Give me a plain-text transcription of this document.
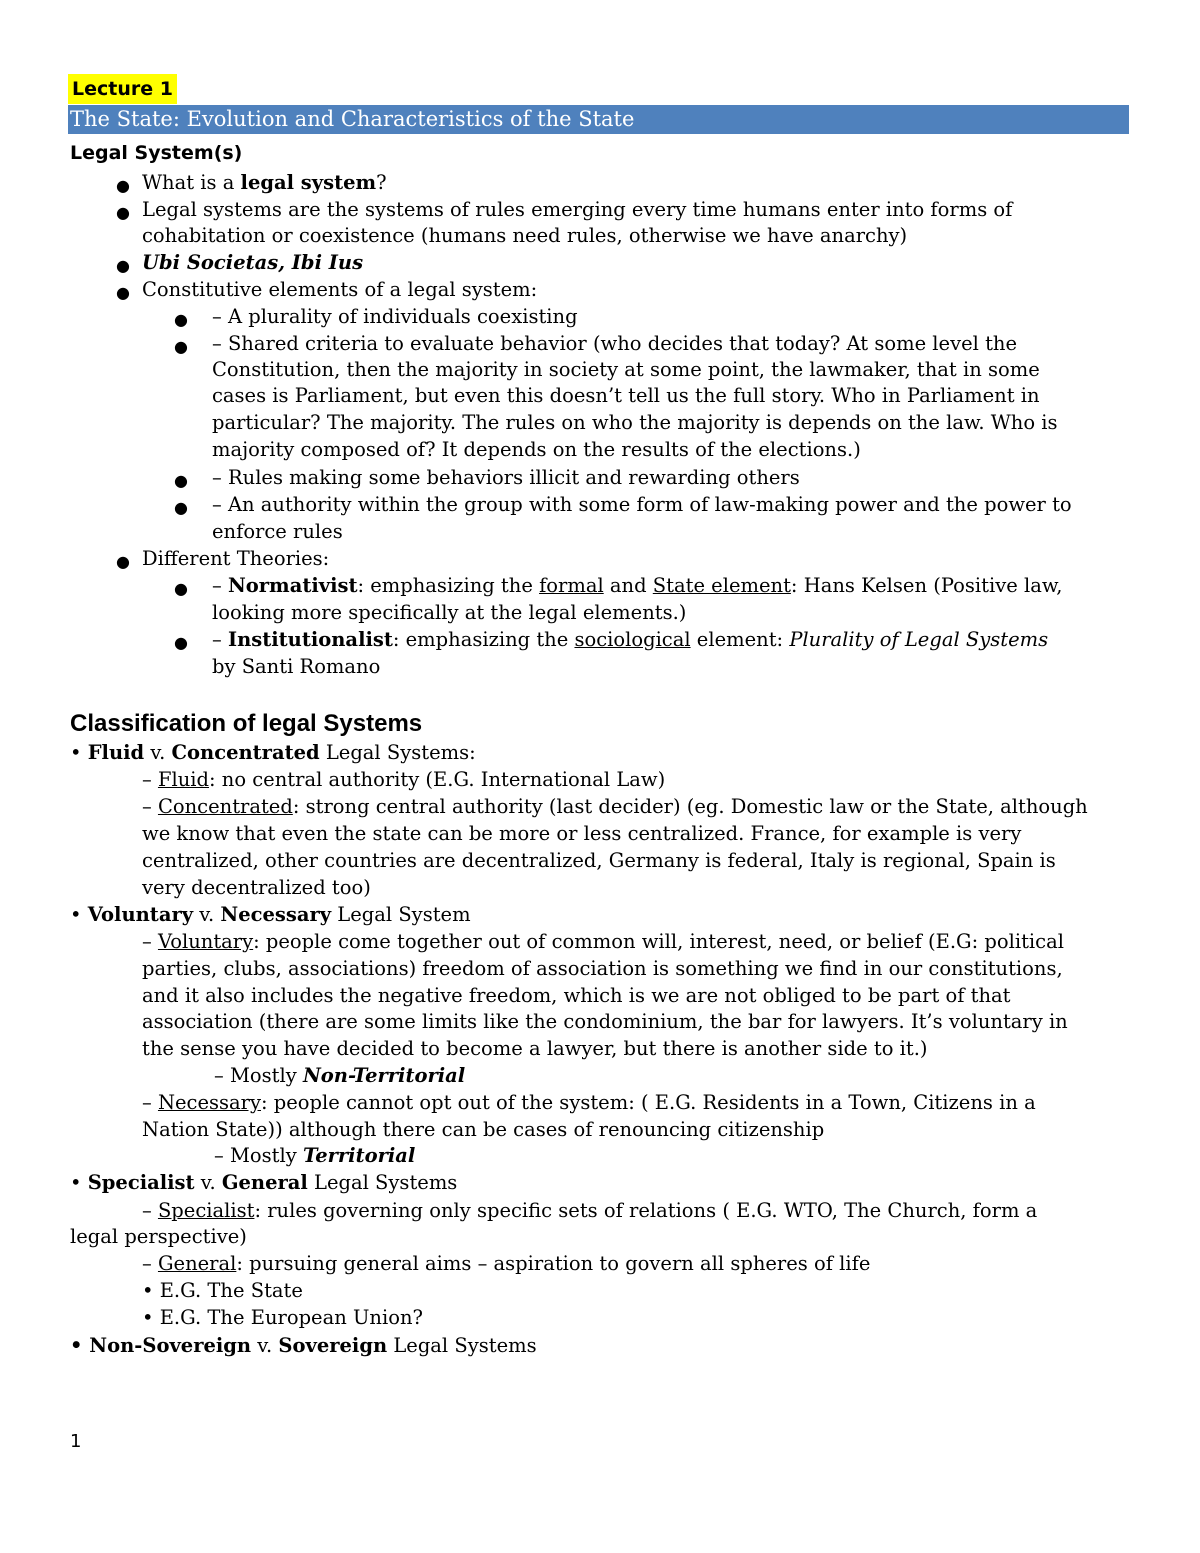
Lecture 1
The State: Evolution and Characteristics of the State
Legal System(s)
● What is a legal system?
● Legal systems are the systems of rules emerging every time humans enter into forms of
cohabitation or coexistence (humans need rules, otherwise we have anarchy)
● Ubi Societas, Ibi Ius
● Constitutive elements of a legal system:
● – A plurality of individuals coexisting
● – Shared criteria to evaluate behavior (who decides that today? At some level the
Constitution, then the majority in society at some point, the lawmaker, that in some
cases is Parliament, but even this doesn’t tell us the full story. Who in Parliament in
particular? The majority. The rules on who the majority is depends on the law. Who is
majority composed of? It depends on the results of the elections.)
● – Rules making some behaviors illicit and rewarding others
● – An authority within the group with some form of law-making power and the power to
enforce rules
● Different Theories:
● – Normativist: emphasizing the formal and State element: Hans Kelsen (Positive law,
looking more specifically at the legal elements.)
● – Institutionalist: emphasizing the sociological element: Plurality of Legal Systems
by Santi Romano
Classification of legal Systems
• Fluid v. Concentrated Legal Systems:
– Fluid: no central authority (E.G. International Law)
– Concentrated: strong central authority (last decider) (eg. Domestic law or the State, although
we know that even the state can be more or less centralized. France, for example is very
centralized, other countries are decentralized, Germany is federal, Italy is regional, Spain is
very decentralized too)
• Voluntary v. Necessary Legal System
– Voluntary: people come together out of common will, interest, need, or belief (E.G: political
parties, clubs, associations) freedom of association is something we find in our constitutions,
and it also includes the negative freedom, which is we are not obliged to be part of that
association (there are some limits like the condominium, the bar for lawyers. It’s voluntary in
the sense you have decided to become a lawyer, but there is another side to it.)
– Mostly Non-Territorial
– Necessary: people cannot opt out of the system: ( E.G. Residents in a Town, Citizens in a
Nation State)) although there can be cases of renouncing citizenship
– Mostly Territorial
• Specialist v. General Legal Systems
– Specialist: rules governing only specific sets of relations ( E.G. WTO, The Church, form a
legal perspective)
– General: pursuing general aims – aspiration to govern all spheres of life
• E.G. The State
• E.G. The European Union?
• Non-Sovereign v. Sovereign Legal Systems
1
